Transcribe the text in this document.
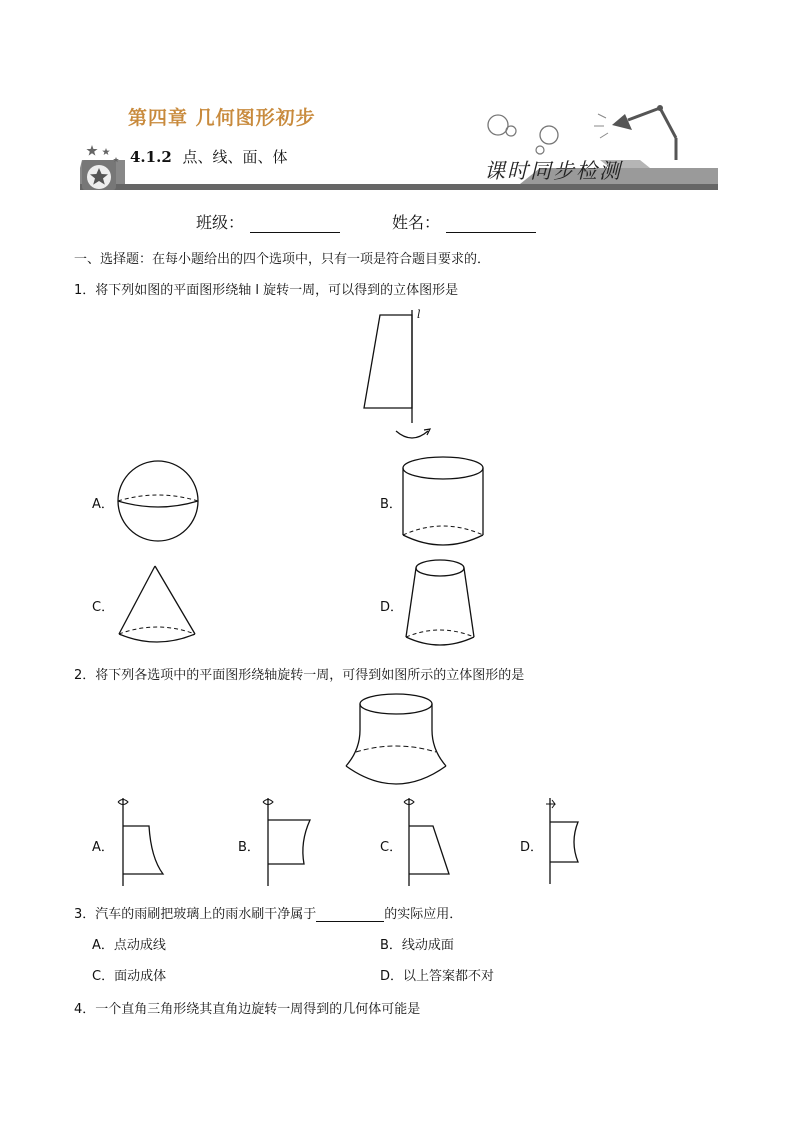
第四章 几何图形初步
4.1.2 点、线、面、体
课时同步检测
班级：	姓名：
一、选择题：在每小题给出的四个选项中，只有一项是符合题目要求的．
1．将下列如图的平面图形绕轴 l 旋转一周，可以得到的立体图形是
l
A．	B．
C．	D．
2．将下列各选项中的平面图形绕轴旋转一周，可得到如图所示的立体图形的是
A．	B．	C．	D．
3．汽车的雨刷把玻璃上的雨水刷干净属于	的实际应用．
A．点动成线	B．线动成面
C．面动成体	D．以上答案都不对
4．一个直角三角形绕其直角边旋转一周得到的几何体可能是
